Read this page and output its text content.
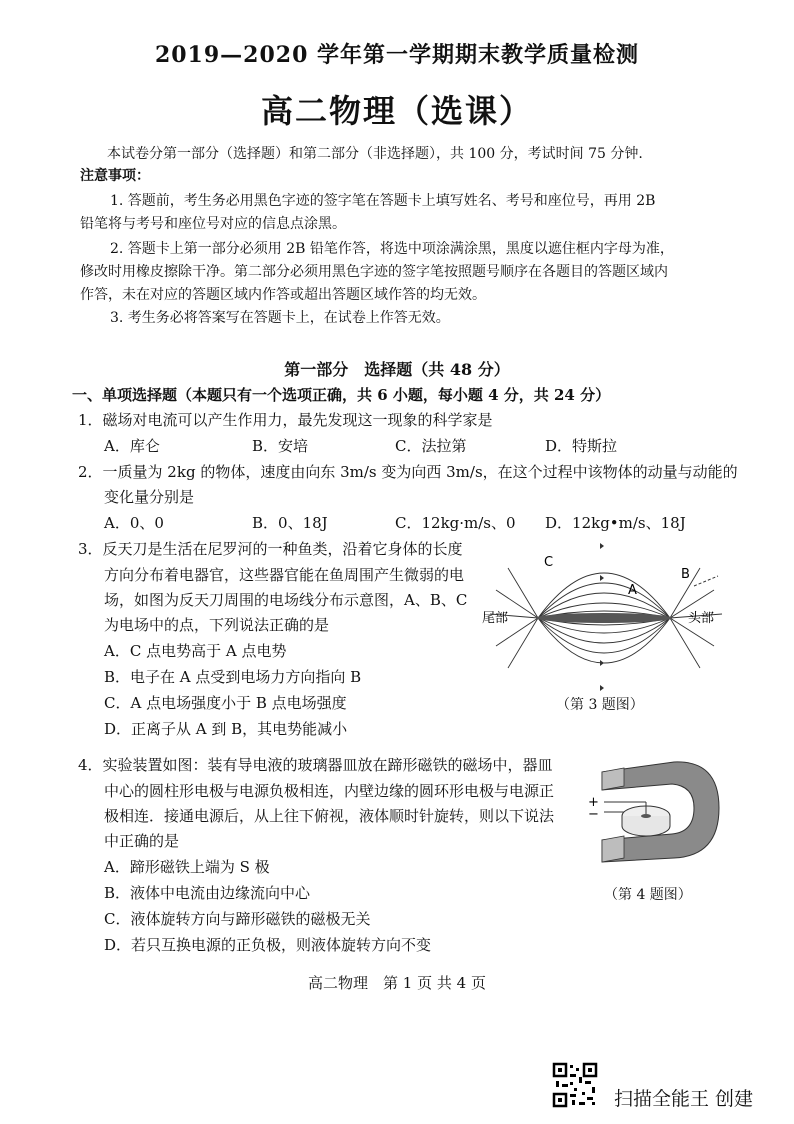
2019—2020 学年第一学期期末教学质量检测
高二物理（选课）
本试卷分第一部分（选择题）和第二部分（非选择题），共 100 分，考试时间 75 分钟.
注意事项：
1. 答题前，考生务必用黑色字迹的签字笔在答题卡上填写姓名、考号和座位号，再用 2B
铅笔将与考号和座位号对应的信息点涂黑。
2. 答题卡上第一部分必须用 2B 铅笔作答，将选中项涂满涂黑，黑度以遮住框内字母为准，
修改时用橡皮擦除干净。第二部分必须用黑色字迹的签字笔按照题号顺序在各题目的答题区域内
作答，未在对应的答题区域内作答或超出答题区域作答的均无效。
3. 考生务必将答案写在答题卡上，在试卷上作答无效。
第一部分　选择题（共 48 分）
一、单项选择题（本题只有一个选项正确，共 6 小题，每小题 4 分，共 24 分）
1．磁场对电流可以产生作用力，最先发现这一现象的科学家是
A．库仑	B．安培	C．法拉第	D．特斯拉
2．一质量为 2kg 的物体，速度由向东 3m/s 变为向西 3m/s，在这个过程中该物体的动量与动能的
变化量分别是
A．0、0	B．0、18J	C．12kg·m/s、0 D．12kg•m/s、18J
3．反天刀是生活在尼罗河的一种鱼类，沿着它身体的长度
方向分布着电器官，这些器官能在鱼周围产生微弱的电
场，如图为反天刀周围的电场线分布示意图，A、B、C
为电场中的点，下列说法正确的是
A．C 点电势高于 A 点电势
B．电子在 A 点受到电场力方向指向 B
C．A 点电场强度小于 B 点电场强度
D．正离子从 A 到 B，其电势能减小
C
B
A
尾部	头部
（第 3 题图）
4．实验装置如图：装有导电液的玻璃器皿放在蹄形磁铁的磁场中，器皿
中心的圆柱形电极与电源负极相连，内壁边缘的圆环形电极与电源正
极相连．接通电源后，从上往下俯视，液体顺时针旋转，则以下说法
中正确的是
A．蹄形磁铁上端为 S 极
B．液体中电流由边缘流向中心
C．液体旋转方向与蹄形磁铁的磁极无关
D．若只互换电源的正负极，则液体旋转方向不变
+
−
（第 4 题图）
高二物理　第 1 页 共 4 页
扫描全能王 创建
